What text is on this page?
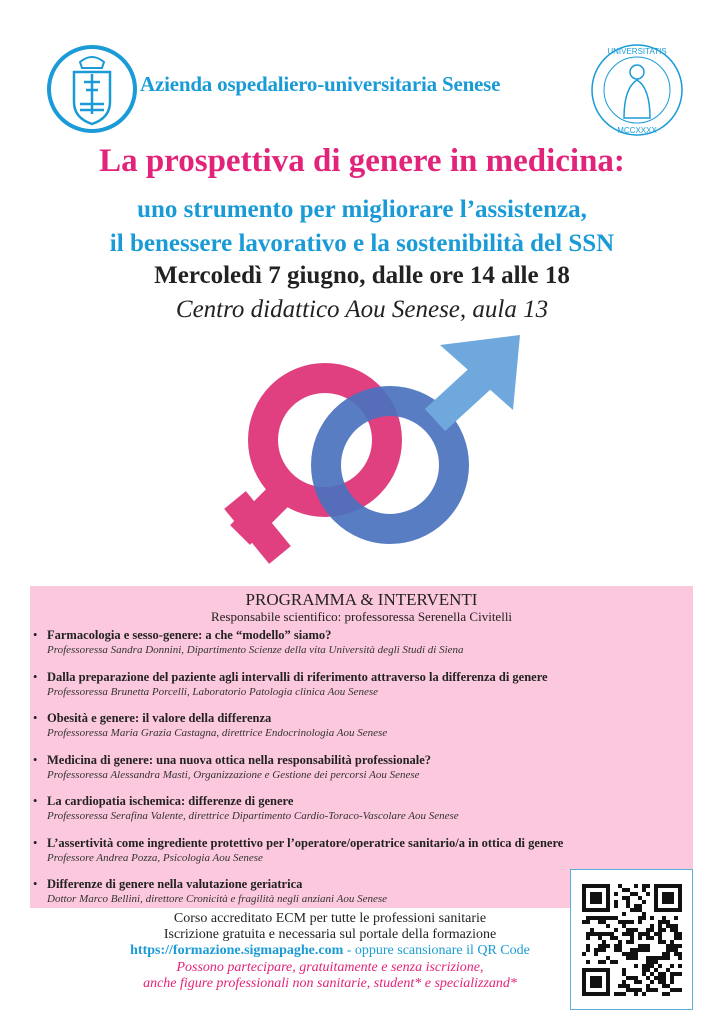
Azienda ospedaliero-universitaria Senese
UNIVERSITATIS
MCCXXXX
La prospettiva di genere in medicina:
uno strumento per migliorare l’assistenza,
il benessere lavorativo e la sostenibilità del SSN
Mercoledì 7 giugno, dalle ore 14 alle 18
Centro didattico Aou Senese, aula 13
PROGRAMMA & INTERVENTI
Responsabile scientifico: professoressa Serenella Civitelli
• Farmacologia e sesso-genere: a che “modello” siamo?
Professoressa Sandra Donnini, Dipartimento Scienze della vita Università degli Studi di Siena
• Dalla preparazione del paziente agli intervalli di riferimento attraverso la differenza di genere
Professoressa Brunetta Porcelli, Laboratorio Patologia clinica Aou Senese
• Obesità e genere: il valore della differenza
Professoressa Maria Grazia Castagna, direttrice Endocrinologia Aou Senese
• Medicina di genere: una nuova ottica nella responsabilità professionale?
Professoressa Alessandra Masti, Organizzazione e Gestione dei percorsi Aou Senese
• La cardiopatia ischemica: differenze di genere
Professoressa Serafina Valente, direttrice Dipartimento Cardio-Toraco-Vascolare Aou Senese
• L’assertività come ingrediente protettivo per l’operatore/operatrice sanitario/a in ottica di genere
Professore Andrea Pozza, Psicologia Aou Senese
• Differenze di genere nella valutazione geriatrica
Dottor Marco Bellini, direttore Cronicità e fragilità negli anziani Aou Senese
Corso accreditato ECM per tutte le professioni sanitarie
Iscrizione gratuita e necessaria sul portale della formazione
https://formazione.sigmapaghe.com - oppure scansionare il QR Code
Possono partecipare, gratuitamente e senza iscrizione,
anche figure professionali non sanitarie, student* e specializzand*
